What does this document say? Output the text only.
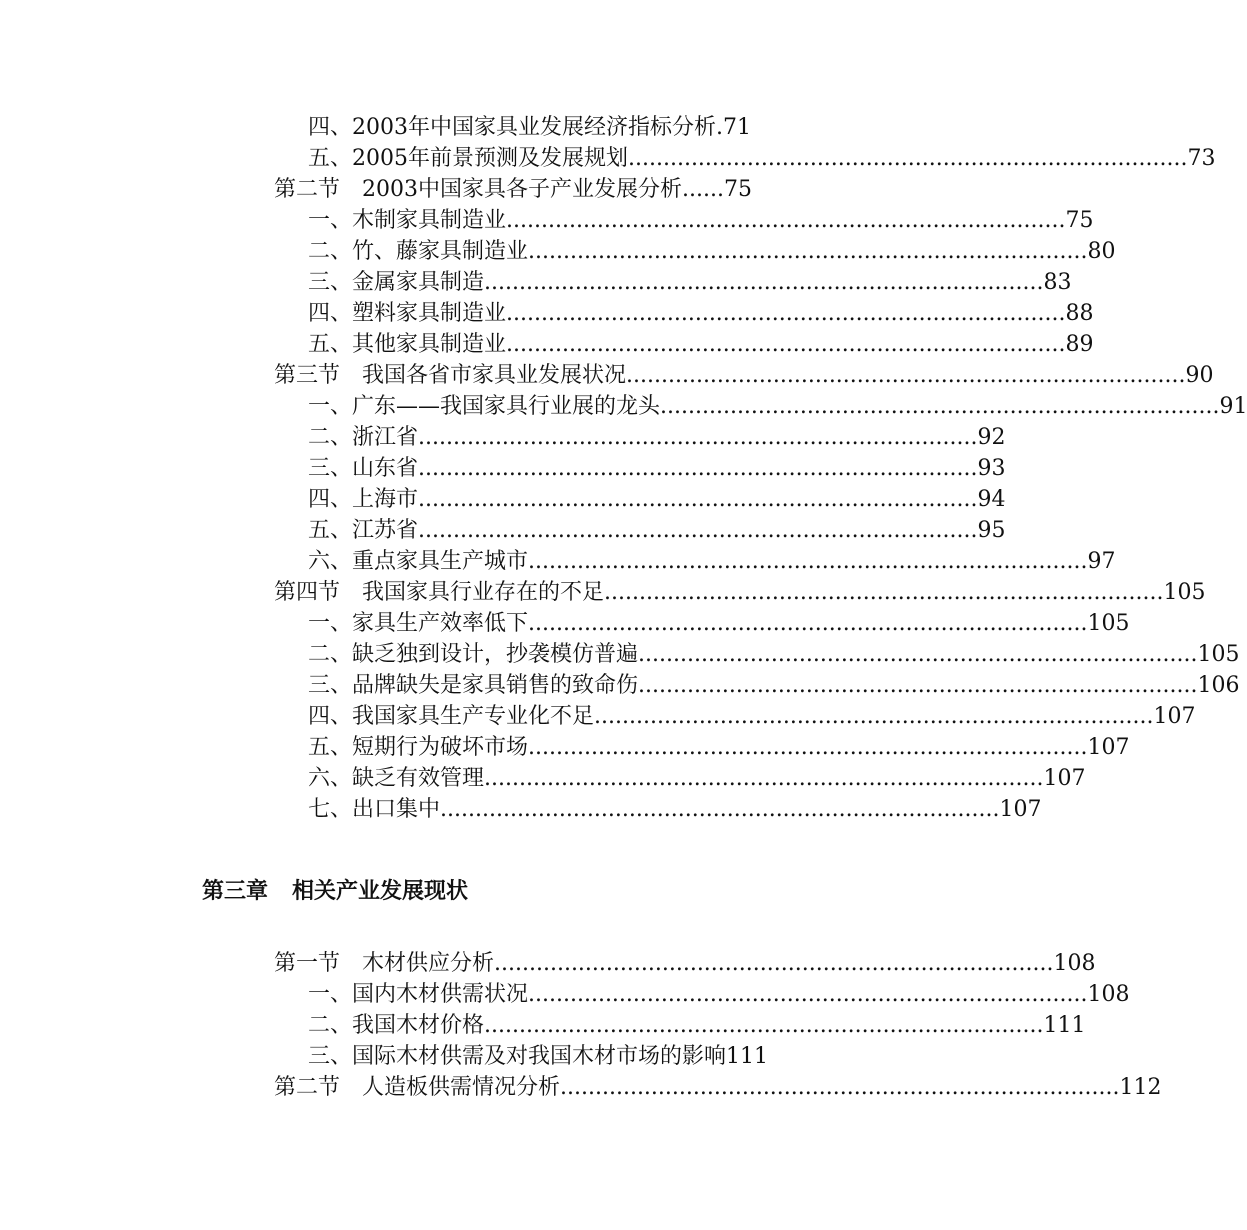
四、2003年中国家具业发展经济指标分析.71
五、2005年前景预测及发展规划 ................................................................................ 73
第二节　2003中国家具各子产业发展分析...... 75
一、木制家具制造业 ................................................................................ 75
二、竹、藤家具制造业 ................................................................................ 80
三、金属家具制造 ................................................................................ 83
四、塑料家具制造业 ................................................................................ 88
五、其他家具制造业 ................................................................................ 89
第三节　我国各省市家具业发展状况 ................................................................................ 90
一、广东——我国家具行业展的龙头 ................................................................................ 91
二、浙江省 ................................................................................ 92
三、山东省 ................................................................................ 93
四、上海市 ................................................................................ 94
五、江苏省 ................................................................................ 95
六、重点家具生产城市 ................................................................................ 97
第四节　我国家具行业存在的不足 ................................................................................ 105
一、家具生产效率低下 ................................................................................ 105
二、缺乏独到设计，抄袭模仿普遍 ................................................................................ 105
三、品牌缺失是家具销售的致命伤 ................................................................................ 106
四、我国家具生产专业化不足 ................................................................................ 107
五、短期行为破坏市场 ................................................................................ 107
六、缺乏有效管理 ................................................................................ 107
七、出口集中 ................................................................................ 107
第一节　木材供应分析 ................................................................................ 108
一、国内木材供需状况 ................................................................................ 108
二、我国木材价格 ................................................................................ 111
三、国际木材供需及对我国木材市场的影响111
第二节　人造板供需情况分析 ................................................................................ 112
第三章 相关产业发展现状
